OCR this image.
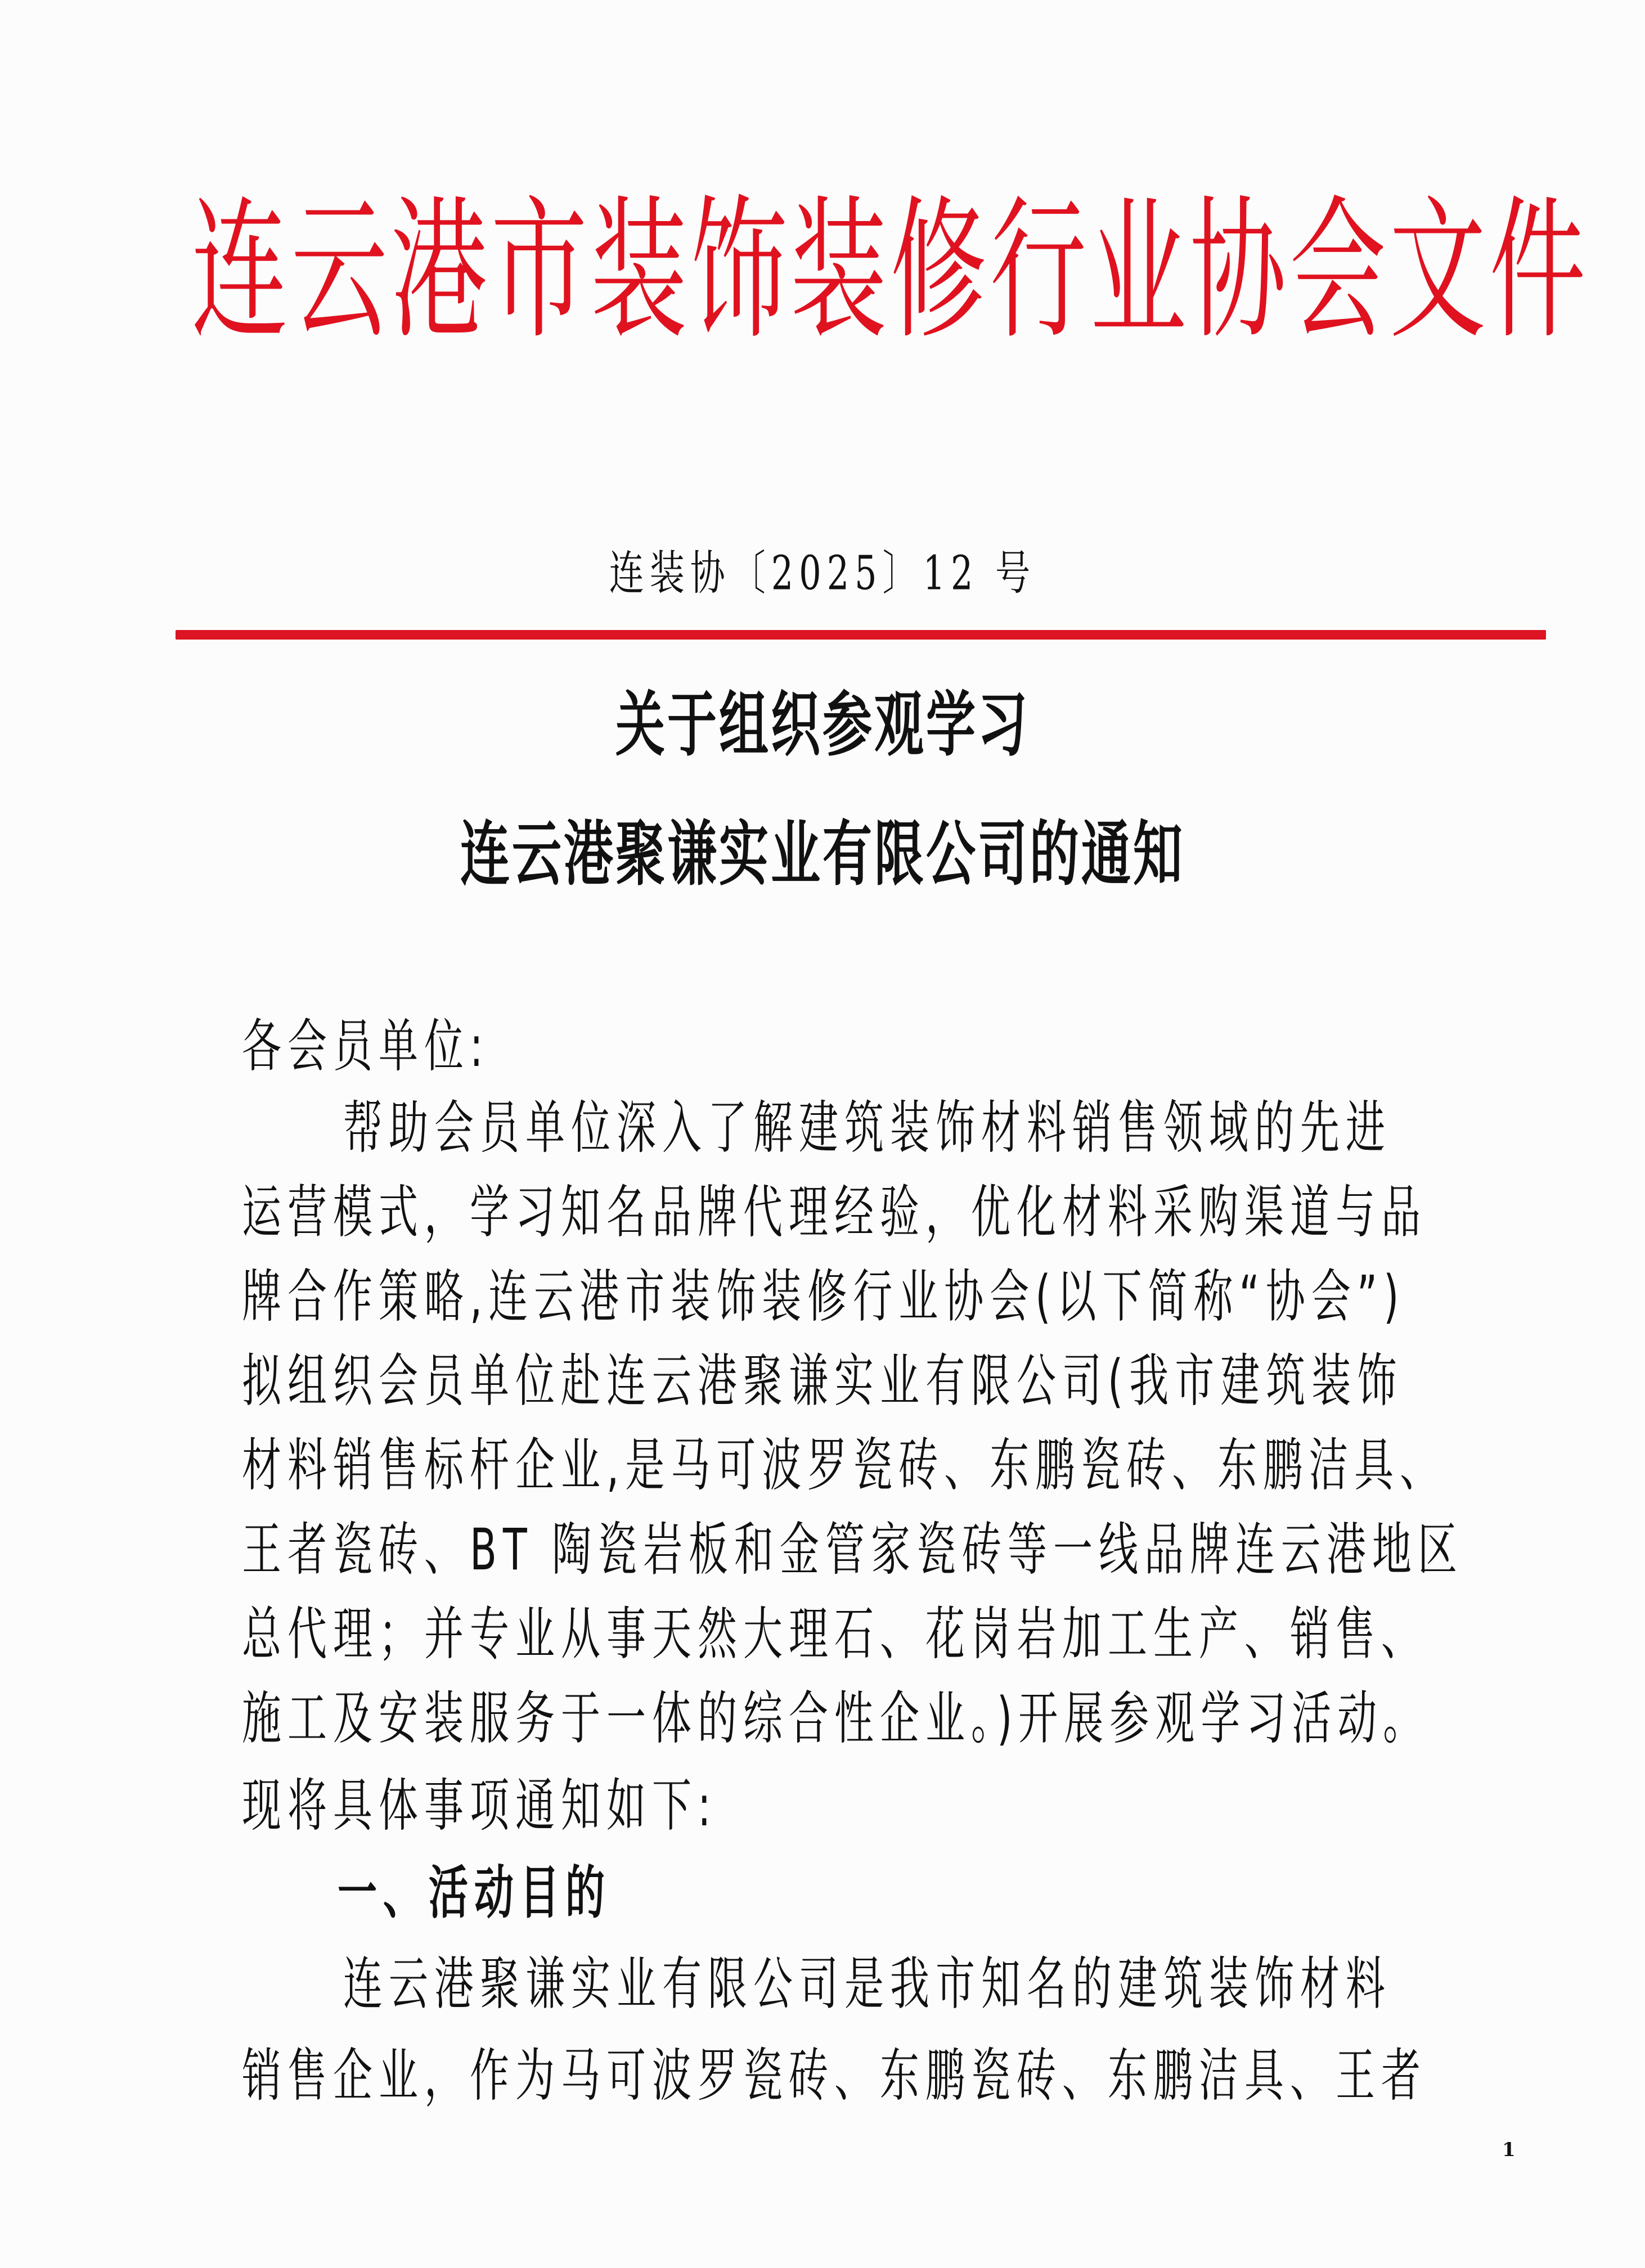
连云港市装饰装修行业协会文件
连装协〔2025〕12 号
关于组织参观学习
连云港聚谦实业有限公司的通知
各会员单位:
帮助会员单位深入了解建筑装饰材料销售领域的先进
运营模式，学习知名品牌代理经验，优化材料采购渠道与品
牌合作策略,连云港市装饰装修行业协会(以下简称“协会”)
拟组织会员单位赴连云港聚谦实业有限公司(我市建筑装饰
材料销售标杆企业,是马可波罗瓷砖、东鹏瓷砖、东鹏洁具、
王者瓷砖、BT 陶瓷岩板和金管家瓷砖等一线品牌连云港地区
总代理；并专业从事天然大理石、花岗岩加工生产、销售、
施工及安装服务于一体的综合性企业。)开展参观学习活动。
现将具体事项通知如下:
一、活动目的
连云港聚谦实业有限公司是我市知名的建筑装饰材料
销售企业，作为马可波罗瓷砖、东鹏瓷砖、东鹏洁具、王者
1
